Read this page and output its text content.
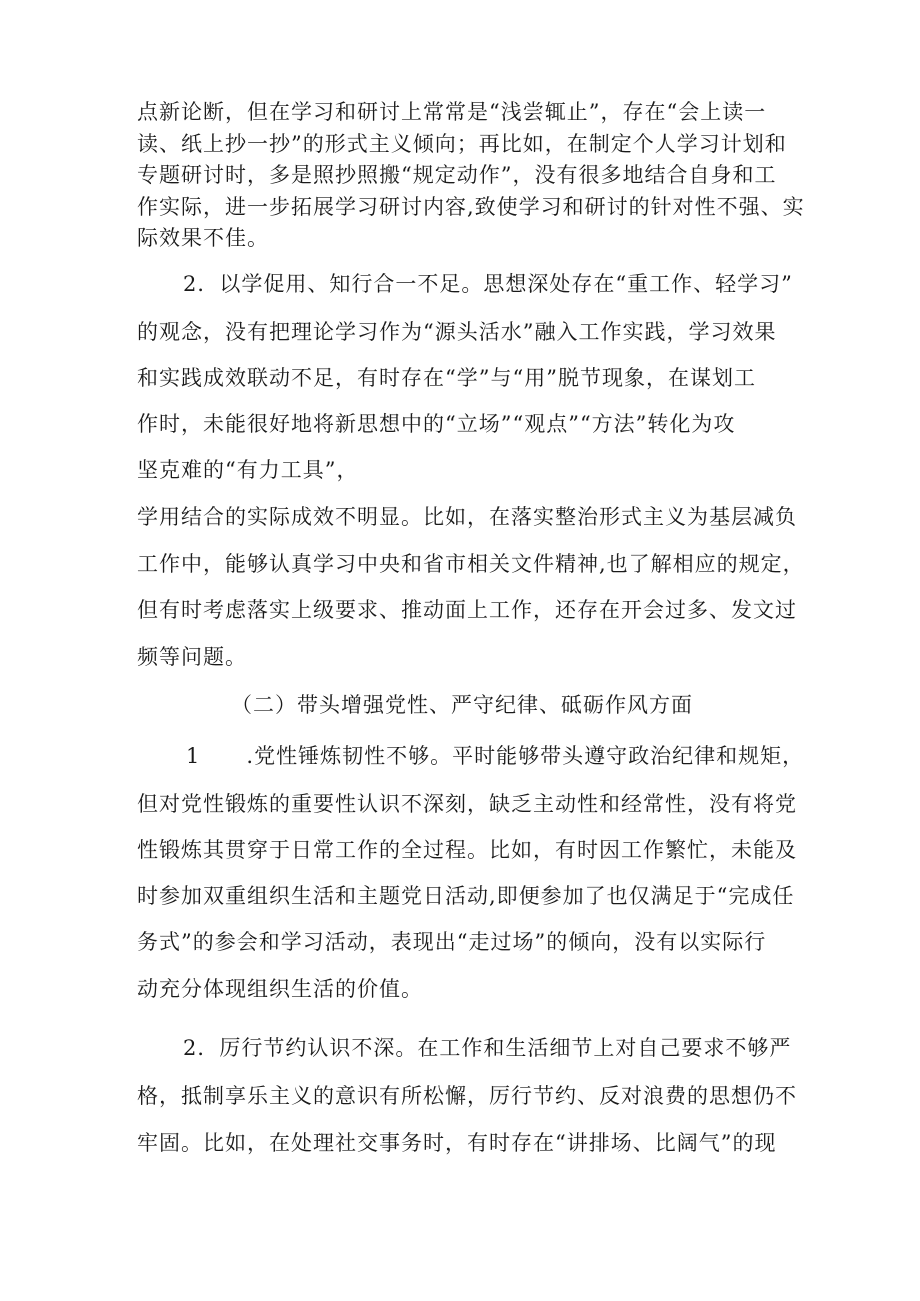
点新论断，但在学习和研讨上常常是“浅尝辄止”，存在“会上读一
读、纸上抄一抄”的形式主义倾向；再比如，在制定个人学习计划和
专题研讨时，多是照抄照搬“规定动作”，没有很多地结合自身和工
作实际，进一步拓展学习研讨内容,致使学习和研讨的针对性不强、实
际效果不佳。
2．以学促用、知行合一不足。思想深处存在“重工作、轻学习”
的观念，没有把理论学习作为“源头活水”融入工作实践，学习效果
和实践成效联动不足，有时存在“学”与“用”脱节现象，在谋划工
作时，未能很好地将新思想中的“立场”“观点”“方法”转化为攻
坚克难的“有力工具”，
学用结合的实际成效不明显。比如，在落实整治形式主义为基层减负
工作中，能够认真学习中央和省市相关文件精神,也了解相应的规定，
但有时考虑落实上级要求、推动面上工作，还存在开会过多、发文过
频等问题。
（二）带头增强党性、严守纪律、砥砺作风方面
1      .党性锤炼韧性不够。平时能够带头遵守政治纪律和规矩，
但对党性锻炼的重要性认识不深刻，缺乏主动性和经常性，没有将党
性锻炼其贯穿于日常工作的全过程。比如，有时因工作繁忙，未能及
时参加双重组织生活和主题党日活动,即便参加了也仅满足于“完成任
务式”的参会和学习活动，表现出“走过场”的倾向，没有以实际行
动充分体现组织生活的价值。
2．厉行节约认识不深。在工作和生活细节上对自己要求不够严
格，抵制享乐主义的意识有所松懈，厉行节约、反对浪费的思想仍不
牢固。比如，在处理社交事务时，有时存在“讲排场、比阔气”的现
